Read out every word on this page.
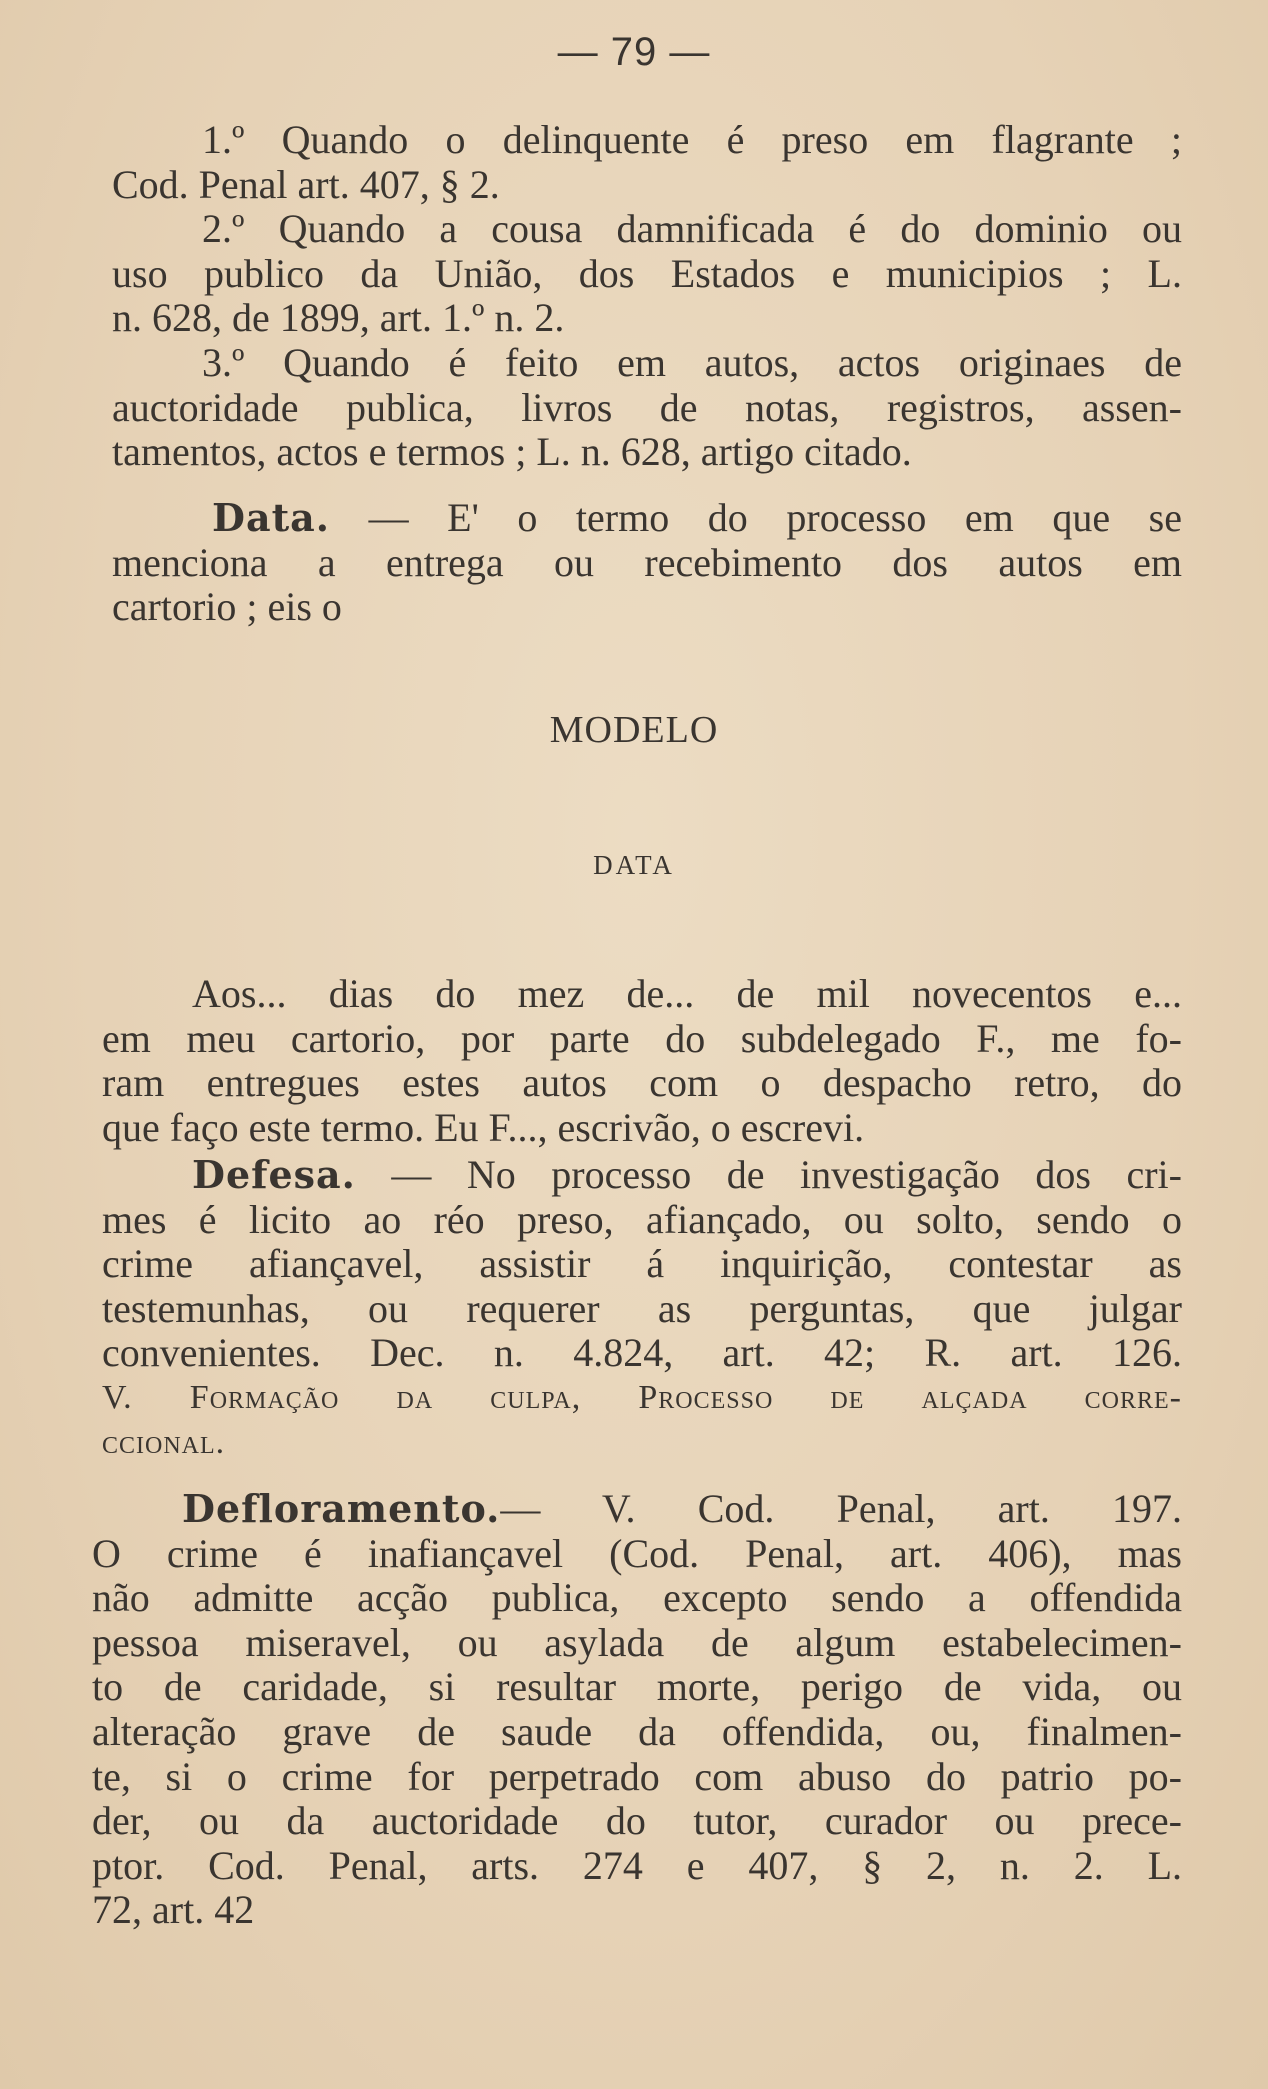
— 79 —
1.º Quando o delinquente é preso em flagrante ;
Cod. Penal art. 407, § 2.
2.º Quando a cousa damnificada é do dominio ou
uso publico da União, dos Estados e municipios ; L.
n. 628, de 1899, art. 1.º n. 2.
3.º Quando é feito em autos, actos originaes de
auctoridade publica, livros de notas, registros, assen-
tamentos, actos e termos ; L. n. 628, artigo citado.
Data. — E' o termo do processo em que se
menciona a entrega ou recebimento dos autos em
cartorio ; eis o
MODELO
DATA
Aos... dias do mez de... de mil novecentos e...
em meu cartorio, por parte do subdelegado F., me fo-
ram entregues estes autos com o despacho retro, do
que faço este termo. Eu F..., escrivão, o escrevi.
Defesa. — No processo de investigação dos cri-
mes é licito ao réo preso, afiançado, ou solto, sendo o
crime afiançavel, assistir á inquirição, contestar as
testemunhas, ou requerer as perguntas, que julgar
convenientes. Dec. n. 4.824, art. 42; R. art. 126.
V. Formação da culpa, Processo de alçada corre-
ccional.
Defloramento.— V. Cod. Penal, art. 197.
O crime é inafiançavel (Cod. Penal, art. 406), mas
não admitte acção publica, excepto sendo a offendida
pessoa miseravel, ou asylada de algum estabelecimen-
to de caridade, si resultar morte, perigo de vida, ou
alteração grave de saude da offendida, ou, finalmen-
te, si o crime for perpetrado com abuso do patrio po-
der, ou da auctoridade do tutor, curador ou prece-
ptor. Cod. Penal, arts. 274 e 407, § 2, n. 2. L.
72, art. 42
